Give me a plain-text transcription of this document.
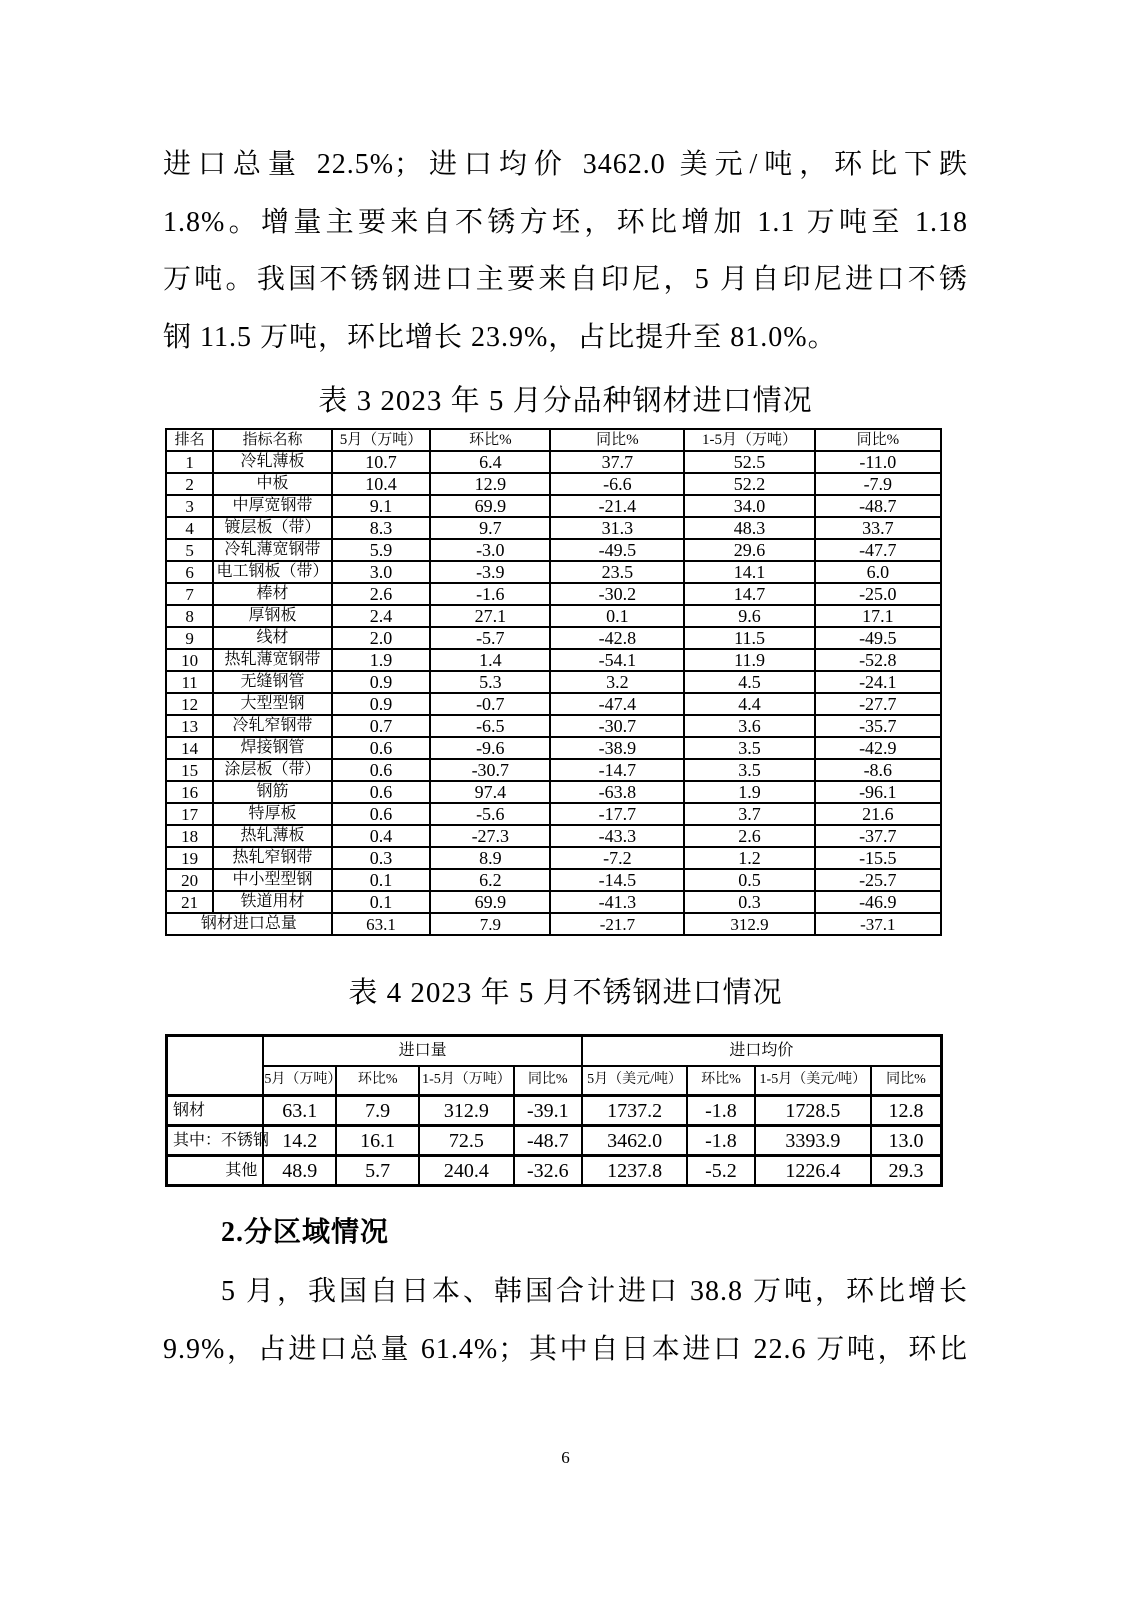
进口总量 22.5%；进口均价 3462.0 美元/吨，环比下跌
1.8%。增量主要来自不锈方坯，环比增加 1.1 万吨至 1.18
万吨。我国不锈钢进口主要来自印尼，5 月自印尼进口不锈
钢 11.5 万吨，环比增长 23.9%，占比提升至 81.0%。
表 3 2023 年 5 月分品种钢材进口情况
排名	指标名称	5月（万吨）	环比%	同比%	1-5月（万吨）	同比%
1	冷轧薄板	10.7	6.4	37.7	52.5	-11.0
2	中板	10.4	12.9	-6.6	52.2	-7.9
3	中厚宽钢带	9.1	69.9	-21.4	34.0	-48.7
4	镀层板（带）	8.3	9.7	31.3	48.3	33.7
5	冷轧薄宽钢带	5.9	-3.0	-49.5	29.6	-47.7
6	电工钢板（带）	3.0	-3.9	23.5	14.1	6.0
7	棒材	2.6	-1.6	-30.2	14.7	-25.0
8	厚钢板	2.4	27.1	0.1	9.6	17.1
9	线材	2.0	-5.7	-42.8	11.5	-49.5
10	热轧薄宽钢带	1.9	1.4	-54.1	11.9	-52.8
11	无缝钢管	0.9	5.3	3.2	4.5	-24.1
12	大型型钢	0.9	-0.7	-47.4	4.4	-27.7
13	冷轧窄钢带	0.7	-6.5	-30.7	3.6	-35.7
14	焊接钢管	0.6	-9.6	-38.9	3.5	-42.9
15	涂层板（带）	0.6	-30.7	-14.7	3.5	-8.6
16	钢筋	0.6	97.4	-63.8	1.9	-96.1
17	特厚板	0.6	-5.6	-17.7	3.7	21.6
18	热轧薄板	0.4	-27.3	-43.3	2.6	-37.7
19	热轧窄钢带	0.3	8.9	-7.2	1.2	-15.5
20	中小型型钢	0.1	6.2	-14.5	0.5	-25.7
21	铁道用材	0.1	69.9	-41.3	0.3	-46.9
钢材进口总量		63.1	7.9	-21.7	312.9	-37.1
表 4 2023 年 5 月不锈钢进口情况
	进口量				进口均价			
	5月（万吨）	环比%	1-5月（万吨）	同比%	5月（美元/吨）	环比%	1-5月（美元/吨）	同比%
钢材	63.1	7.9	312.9	-39.1	1737.2	-1.8	1728.5	12.8
其中：不锈钢	14.2	16.1	72.5	-48.7	3462.0	-1.8	3393.9	13.0
其他	48.9	5.7	240.4	-32.6	1237.8	-5.2	1226.4	29.3
2.分区域情况
5 月，我国自日本、韩国合计进口 38.8 万吨，环比增长
9.9%，占进口总量 61.4%；其中自日本进口 22.6 万吨，环比
6
